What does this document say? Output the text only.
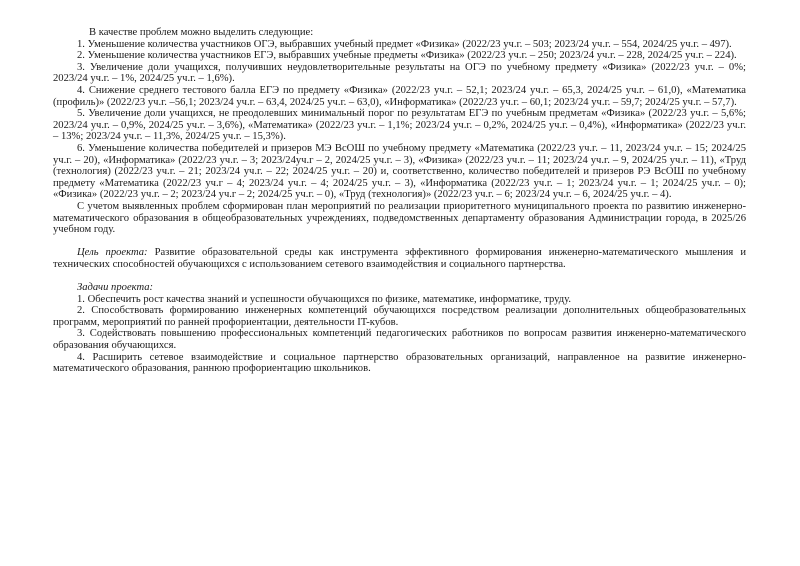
В качестве проблем можно выделить следующие:

1. Уменьшение количества участников ОГЭ, выбравших учебный предмет «Физика» (2022/23 уч.г. – 503; 2023/24 уч.г. – 554, 2024/25 уч.г. – 497).

2. Уменьшение количества участников ЕГЭ, выбравших учебные предметы «Физика» (2022/23 уч.г. – 250; 2023/24 уч.г. – 228, 2024/25 уч.г. – 224).

3. Увеличение доли учащихся, получивших неудовлетворительные результаты на ОГЭ по учебному предмету «Физика» (2022/23 уч.г. – 0%; 2023/24 уч.г. – 1%, 2024/25 уч.г. – 1,6%).

4. Снижение среднего тестового балла ЕГЭ по предмету «Физика» (2022/23 уч.г. – 52,1; 2023/24 уч.г. – 65,3, 2024/25 уч.г. – 61,0), «Математика (профиль)» (2022/23 уч.г. –56,1; 2023/24 уч.г. – 63,4, 2024/25 уч.г. – 63,0), «Информатика» (2022/23 уч.г. – 60,1; 2023/24 уч.г. – 59,7; 2024/25 уч.г. – 57,7).

5. Увеличение доли учащихся, не преодолевших минимальный порог по результатам ЕГЭ по учебным предметам «Физика» (2022/23 уч.г. – 5,6%; 2023/24 уч.г. – 0,9%, 2024/25 уч.г. – 3,6%), «Математика» (2022/23 уч.г. – 1,1%; 2023/24 уч.г. – 0,2%, 2024/25 уч.г. – 0,4%), «Информатика» (2022/23 уч.г. – 13%; 2023/24 уч.г. – 11,3%, 2024/25 уч.г. – 15,3%).

6. Уменьшение количества победителей и призеров МЭ ВсОШ по учебному предмету «Математика (2022/23 уч.г. – 11, 2023/24 уч.г. – 15; 2024/25 уч.г. – 20), «Информатика» (2022/23 уч.г. – 3; 2023/24уч.г – 2, 2024/25 уч.г. – 3), «Физика» (2022/23 уч.г. – 11; 2023/24 уч.г. – 9, 2024/25 уч.г. – 11), «Труд (технология) (2022/23 уч.г. – 21; 2023/24 уч.г. – 22; 2024/25 уч.г. – 20) и, соответственно, количество победителей и призеров РЭ ВсОШ по учебному предмету «Математика (2022/23 уч.г – 4; 2023/24 уч.г. – 4; 2024/25 уч.г. – 3), «Информатика (2022/23 уч.г. – 1; 2023/24 уч.г. – 1; 2024/25 уч.г. – 0); «Физика» (2022/23 уч.г. – 2; 2023/24 уч.г – 2; 2024/25 уч.г. – 0), «Труд (технология)» (2022/23 уч.г. – 6; 2023/24 уч.г. – 6, 2024/25 уч.г. – 4).

С учетом выявленных проблем сформирован план мероприятий по реализации приоритетного муниципального проекта по развитию инженерно-математического образования в общеобразовательных учреждениях, подведомственных департаменту образования Администрации города, в 2025/26 учебном году.

Цель проекта: Развитие образовательной среды как инструмента эффективного формирования инженерно-математического мышления и технических способностей обучающихся с использованием сетевого взаимодействия и социального партнерства.

Задачи проекта:

1. Обеспечить рост качества знаний и успешности обучающихся по физике, математике, информатике, труду.

2. Способствовать формированию инженерных компетенций обучающихся посредством реализации дополнительных общеобразовательных программ, мероприятий по ранней профориентации, деятельности IT-кубов.

3. Содействовать повышению профессиональных компетенций педагогических работников по вопросам развития инженерно-математического образования обучающихся.

4. Расширить сетевое взаимодействие и социальное партнерство образовательных организаций, направленное на развитие инженерно-математического образования, раннюю профориентацию школьников.
